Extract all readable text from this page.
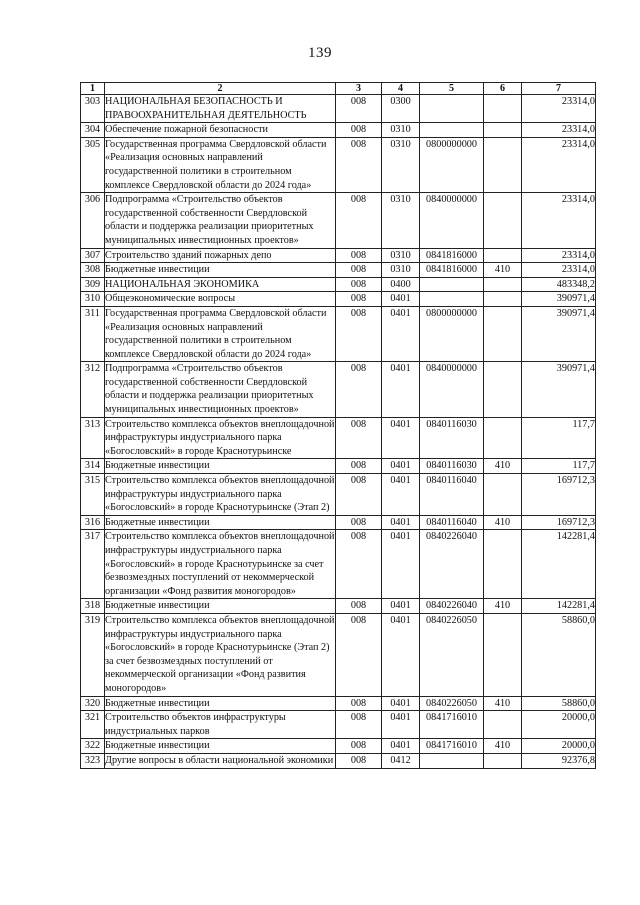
139
1	2	3	4	5	6	7
303	НАЦИОНАЛЬНАЯ БЕЗОПАСНОСТЬ И ПРАВООХРАНИТЕЛЬНАЯ ДЕЯТЕЛЬНОСТЬ	008	0300			23314,0
304	Обеспечение пожарной безопасности	008	0310			23314,0
305	Государственная программа Свердловской области «Реализация основных направлений государственной политики в строительном комплексе Свердловской области до 2024 года»	008	0310	0800000000		23314,0
306	Подпрограмма «Строительство объектов государственной собственности Свердловской области и поддержка реализации приоритетных муниципальных инвестиционных проектов»	008	0310	0840000000		23314,0
307	Строительство зданий пожарных депо	008	0310	0841816000		23314,0
308	Бюджетные инвестиции	008	0310	0841816000	410	23314,0
309	НАЦИОНАЛЬНАЯ ЭКОНОМИКА	008	0400			483348,2
310	Общеэкономические вопросы	008	0401			390971,4
311	Государственная программа Свердловской области «Реализация основных направлений государственной политики в строительном комплексе Свердловской области до 2024 года»	008	0401	0800000000		390971,4
312	Подпрограмма «Строительство объектов государственной собственности Свердловской области и поддержка реализации приоритетных муниципальных инвестиционных проектов»	008	0401	0840000000		390971,4
313	Строительство комплекса объектов внеплощадочной инфраструктуры индустриального парка «Богословский» в городе Краснотурьинске	008	0401	0840116030		117,7
314	Бюджетные инвестиции	008	0401	0840116030	410	117,7
315	Строительство комплекса объектов внеплощадочной инфраструктуры индустриального парка «Богословский» в городе Краснотурьинске (Этап 2)	008	0401	0840116040		169712,3
316	Бюджетные инвестиции	008	0401	0840116040	410	169712,3
317	Строительство комплекса объектов внеплощадочной инфраструктуры индустриального парка «Богословский» в городе Краснотурьинске за счет безвозмездных поступлений от некоммерческой организации «Фонд развития моногородов»	008	0401	0840226040		142281,4
318	Бюджетные инвестиции	008	0401	0840226040	410	142281,4
319	Строительство комплекса объектов внеплощадочной инфраструктуры индустриального парка «Богословский» в городе Краснотурьинске (Этап 2) за счет безвозмездных поступлений от некоммерческой организации «Фонд развития моногородов»	008	0401	0840226050		58860,0
320	Бюджетные инвестиции	008	0401	0840226050	410	58860,0
321	Строительство объектов инфраструктуры индустриальных парков	008	0401	0841716010		20000,0
322	Бюджетные инвестиции	008	0401	0841716010	410	20000,0
323	Другие вопросы в области национальной экономики	008	0412			92376,8
